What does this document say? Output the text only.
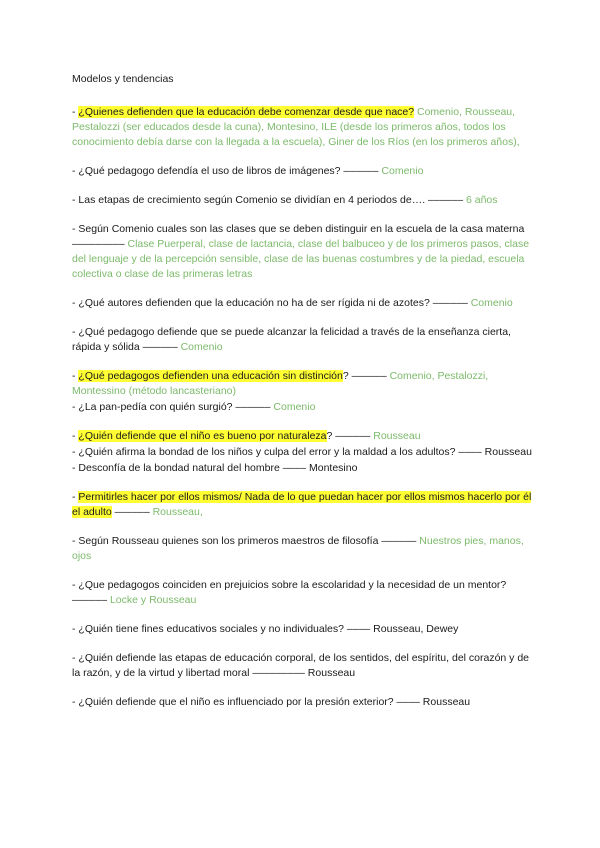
Modelos y tendencias
- ¿Quienes defienden que la educación debe comenzar desde que nace? Comenio, Rousseau, Pestalozzi (ser educados desde la cuna), Montesino, ILE (desde los primeros años, todos los conocimiento debía darse con la llegada a la escuela), Giner de los Ríos (en los primeros años),
- ¿Qué pedagogo defendía el uso de libros de imágenes? –––––– Comenio
- Las etapas de crecimiento según Comenio se dividían en 4 periodos de…. –––––– 6 años
- Según Comenio cuales son las clases que se deben distinguir en la escuela de la casa materna ––––––––– Clase Puerperal, clase de lactancia, clase del balbuceo y de los primeros pasos, clase del lenguaje y de la percepción sensible, clase de las buenas costumbres y de la piedad, escuela colectiva o clase de las primeras letras
- ¿Qué autores defienden que la educación no ha de ser rígida ni de azotes? –––––– Comenio
- ¿Qué pedagogo defiende que se puede alcanzar la felicidad a través de la enseñanza cierta, rápida y sólida –––––– Comenio
- ¿Qué pedagogos defienden una educación sin distinción? –––––– Comenio, Pestalozzi, Montessino (método lancasteriano)
- ¿La pan-pedía con quién surgió? –––––– Comenio
- ¿Quién defiende que el niño es bueno por naturaleza? –––––– Rousseau
- ¿Quién afirma la bondad de los niños y culpa del error y la maldad a los adultos? –––– Rousseau
- Desconfía de la bondad natural del hombre –––– Montesino
- Permitirles hacer por ellos mismos/ Nada de lo que puedan hacer por ellos mismos hacerlo por él el adulto –––––– Rousseau,
- Según Rousseau quienes son los primeros maestros de filosofía –––––– Nuestros pies, manos, ojos
- ¿Que pedagogos coinciden en prejuicios sobre la escolaridad y la necesidad de un mentor? –––––– Locke y Rousseau
- ¿Quién tiene fines educativos sociales y no individuales? –––– Rousseau, Dewey
- ¿Quién defiende las etapas de educación corporal, de los sentidos, del espíritu, del corazón y de la razón, y de la virtud y libertad moral ––––––––– Rousseau
- ¿Quién defiende que el niño es influenciado por la presión exterior? –––– Rousseau
